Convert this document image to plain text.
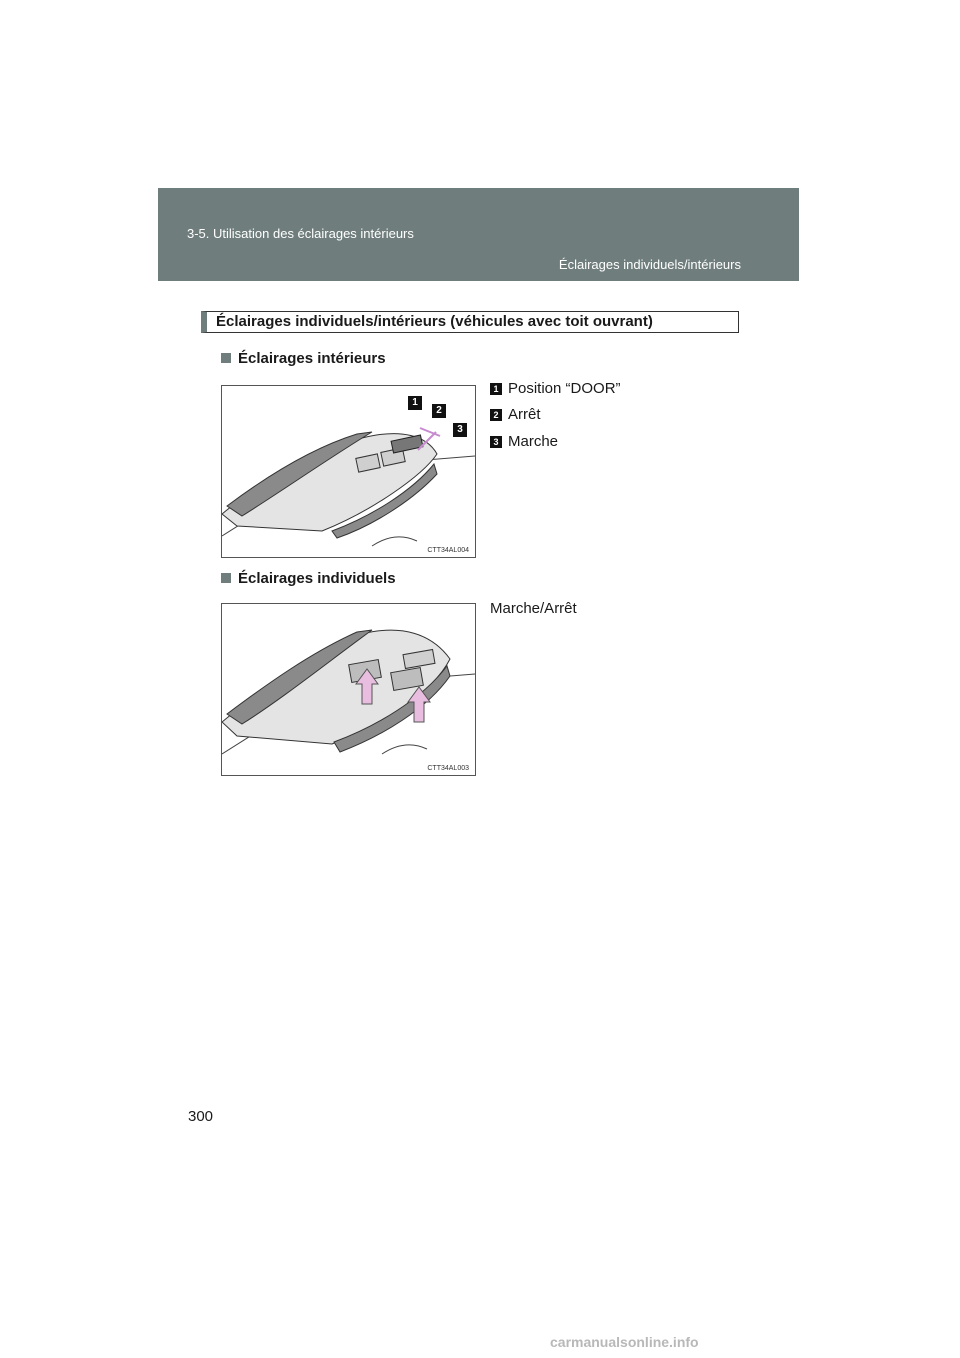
3-5. Utilisation des éclairages intérieurs
Éclairages individuels/intérieurs
Éclairages individuels/intérieurs (véhicules avec toit ouvrant)
Éclairages intérieurs
1
2
3
CTT34AL004
1 Position “DOOR”
2 Arrêt
3 Marche
Éclairages individuels
CTT34AL003
Marche/Arrêt
300
carmanualsonline.info
